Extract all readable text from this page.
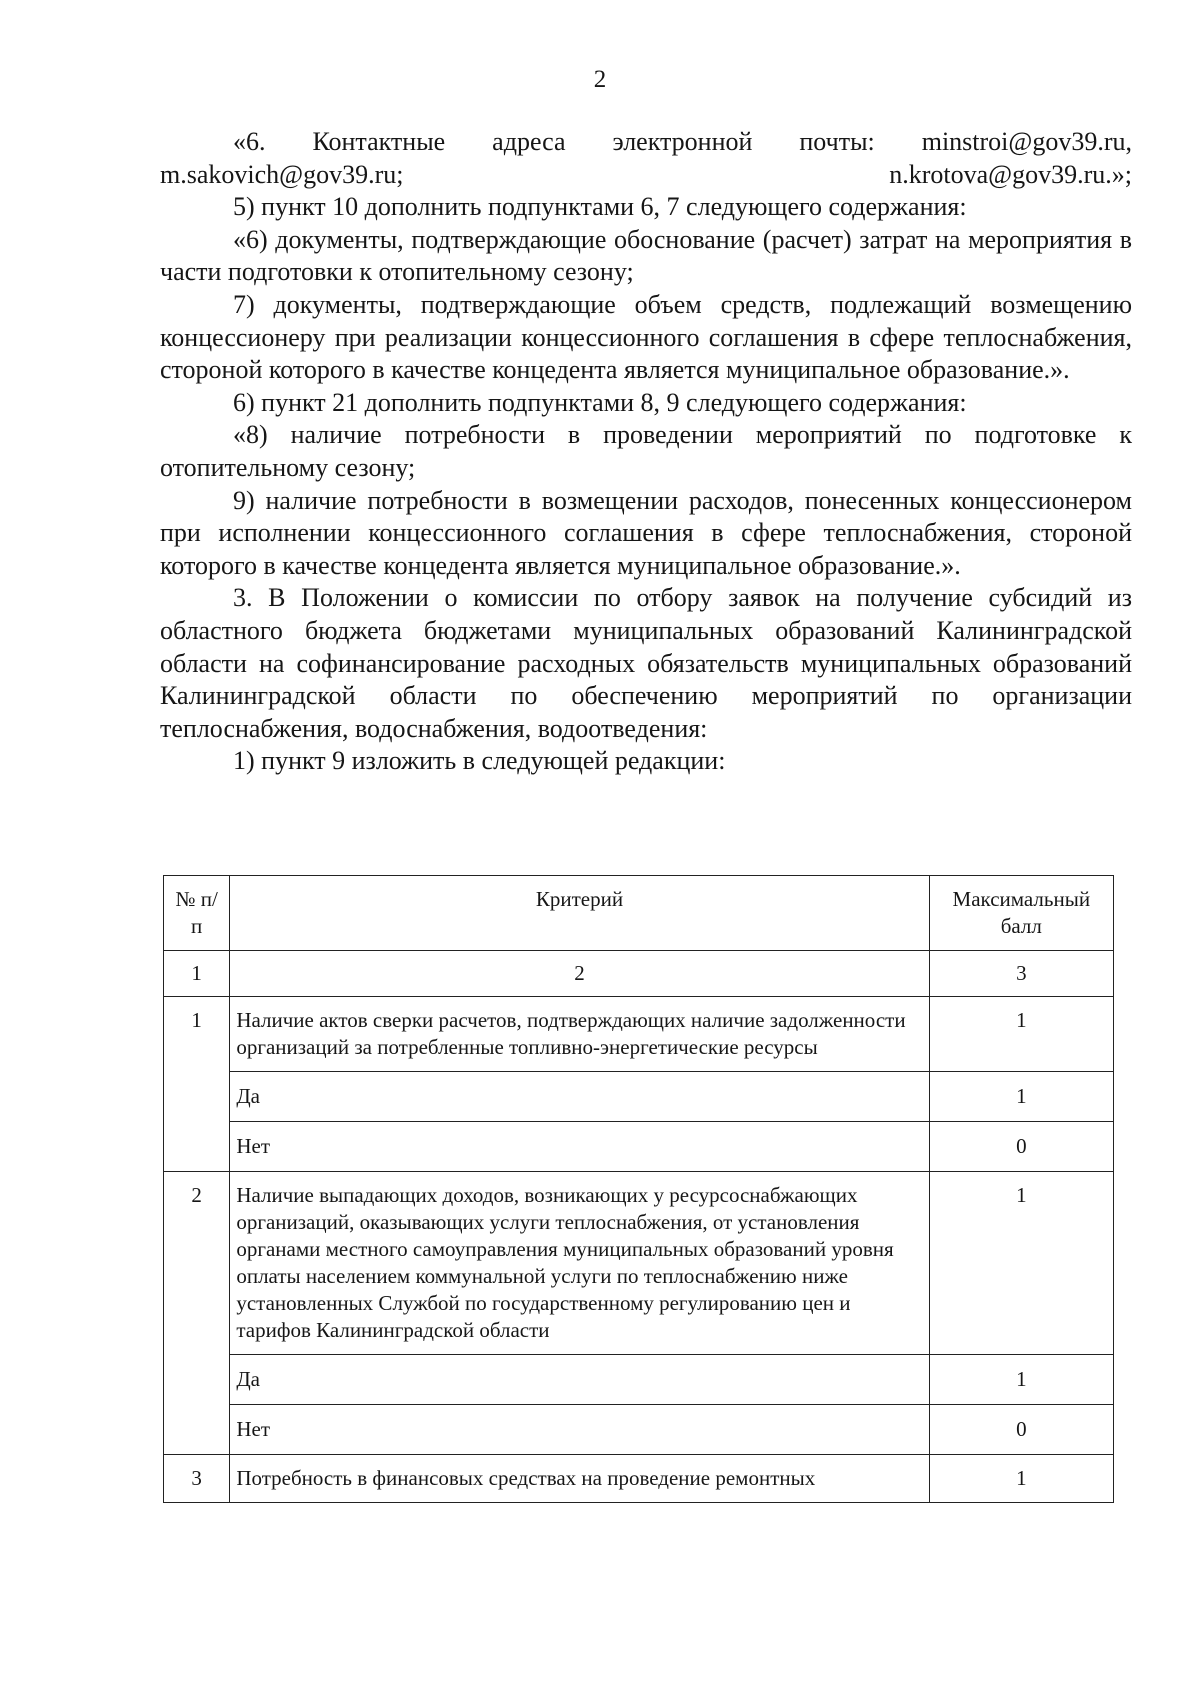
2

«6. Контактные адреса электронной почты: minstroi@gov39.ru, m.sakovich@gov39.ru; n.krotova@gov39.ru.»;

5) пункт 10 дополнить подпунктами 6, 7 следующего содержания:

«6) документы, подтверждающие обоснование (расчет) затрат на мероприятия в части подготовки к отопительному сезону;

7) документы, подтверждающие объем средств, подлежащий возмещению концессионеру при реализации концессионного соглашения в сфере теплоснабжения, стороной которого в качестве концедента является муниципальное образование.».

6) пункт 21 дополнить подпунктами 8, 9 следующего содержания:

«8) наличие потребности в проведении мероприятий по подготовке к отопительному сезону;

9) наличие потребности в возмещении расходов, понесенных концессионером при исполнении концессионного соглашения в сфере теплоснабжения, стороной которого в качестве концедента является муниципальное образование.».

3. В Положении о комиссии по отбору заявок на получение субсидий из областного бюджета бюджетами муниципальных образований Калининградской области на софинансирование расходных обязательств муниципальных образований Калининградской области по обеспечению мероприятий по организации теплоснабжения, водоснабжения, водоотведения:

1) пункт 9 изложить в следующей редакции:

№ п/п	Критерий	Максимальный балл
1	2	3
1	Наличие актов сверки расчетов, подтверждающих наличие задолженности организаций за потребленные топливно-энергетические ресурсы	1
	Да	1
	Нет	0
2	Наличие выпадающих доходов, возникающих у ресурсоснабжающих организаций, оказывающих услуги теплоснабжения, от установления органами местного самоуправления муниципальных образований уровня оплаты населением коммунальной услуги по теплоснабжению ниже установленных Службой по государственному регулированию цен и тарифов Калининградской области	1
	Да	1
	Нет	0
3	Потребность в финансовых средствах на проведение ремонтных	1
